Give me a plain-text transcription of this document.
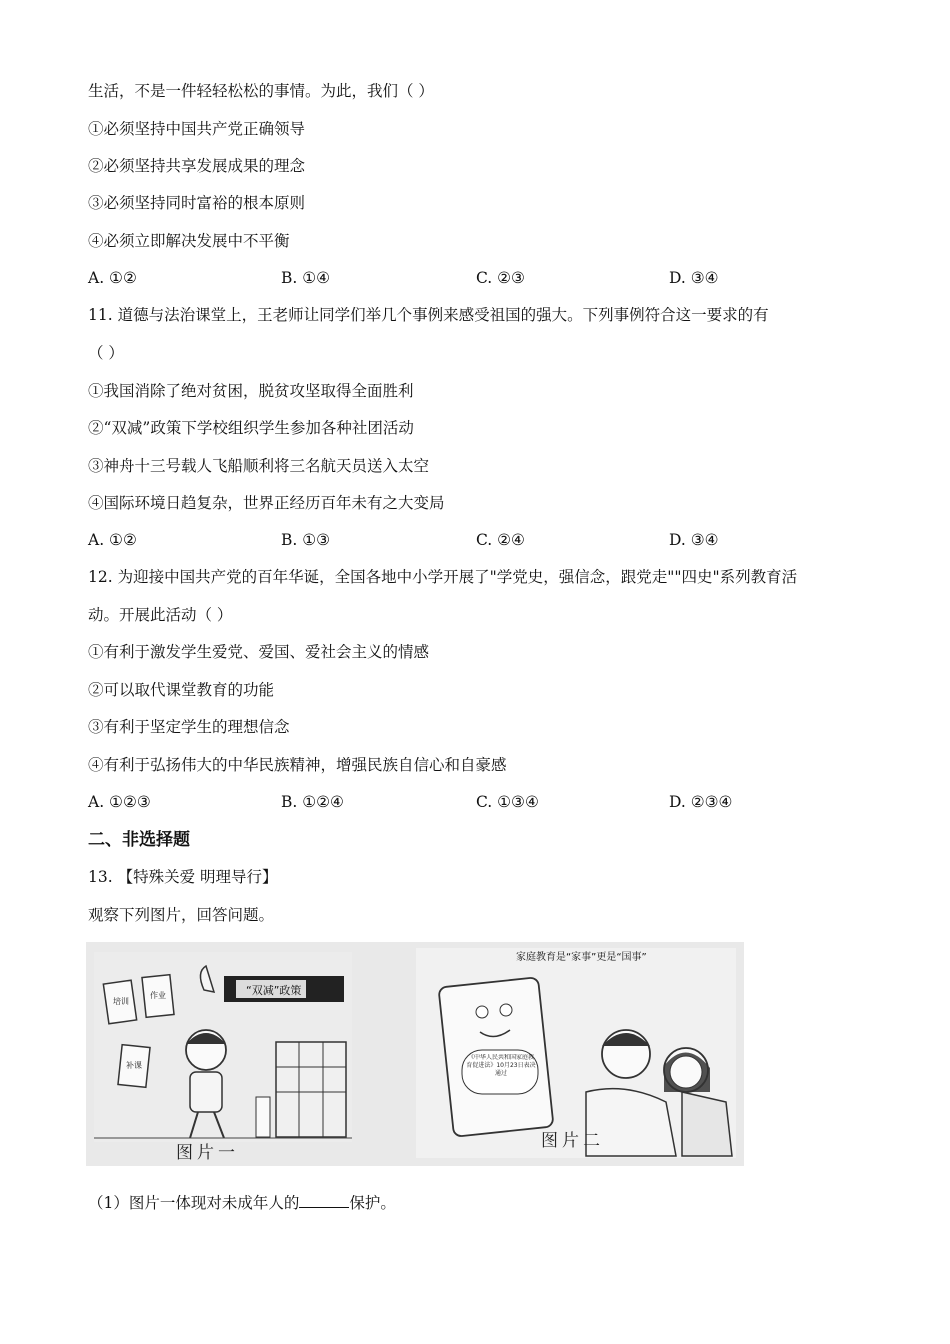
生活，不是一件轻轻松松的事情。为此，我们（ ）
①必须坚持中国共产党正确领导
②必须坚持共享发展成果的理念
③必须坚持同时富裕的根本原则
④必须立即解决发展中不平衡
A. ①②	B. ①④	C. ②③	D. ③④
11. 道德与法治课堂上，王老师让同学们举几个事例来感受祖国的强大。下列事例符合这一要求的有
（ ）
①我国消除了绝对贫困，脱贫攻坚取得全面胜利
②“双减”政策下学校组织学生参加各种社团活动
③神舟十三号载人飞船顺利将三名航天员送入太空
④国际环境日趋复杂，世界正经历百年未有之大变局
A. ①②	B. ①③	C. ②④	D. ③④
12. 为迎接中国共产党的百年华诞，全国各地中小学开展了"学党史，强信念，跟党走""四史"系列教育活
动。开展此活动（ ）
①有利于激发学生爱党、爱国、爱社会主义的情感
②可以取代课堂教育的功能
③有利于坚定学生的理想信念
④有利于弘扬伟大的中华民族精神，增强民族自信心和自豪感
A. ①②③	B. ①②④	C. ①③④	D. ②③④
二、非选择题
13. 【特殊关爱 明理导行】
观察下列图片，回答问题。
培训
作业
补课
“双减”政策
图片一
家庭教育是“家事”更是“国事”
《中华人民共和国家庭教育促进法》10月23日表决通过
图片二
（1）图片一体现对未成年人的	保护。
